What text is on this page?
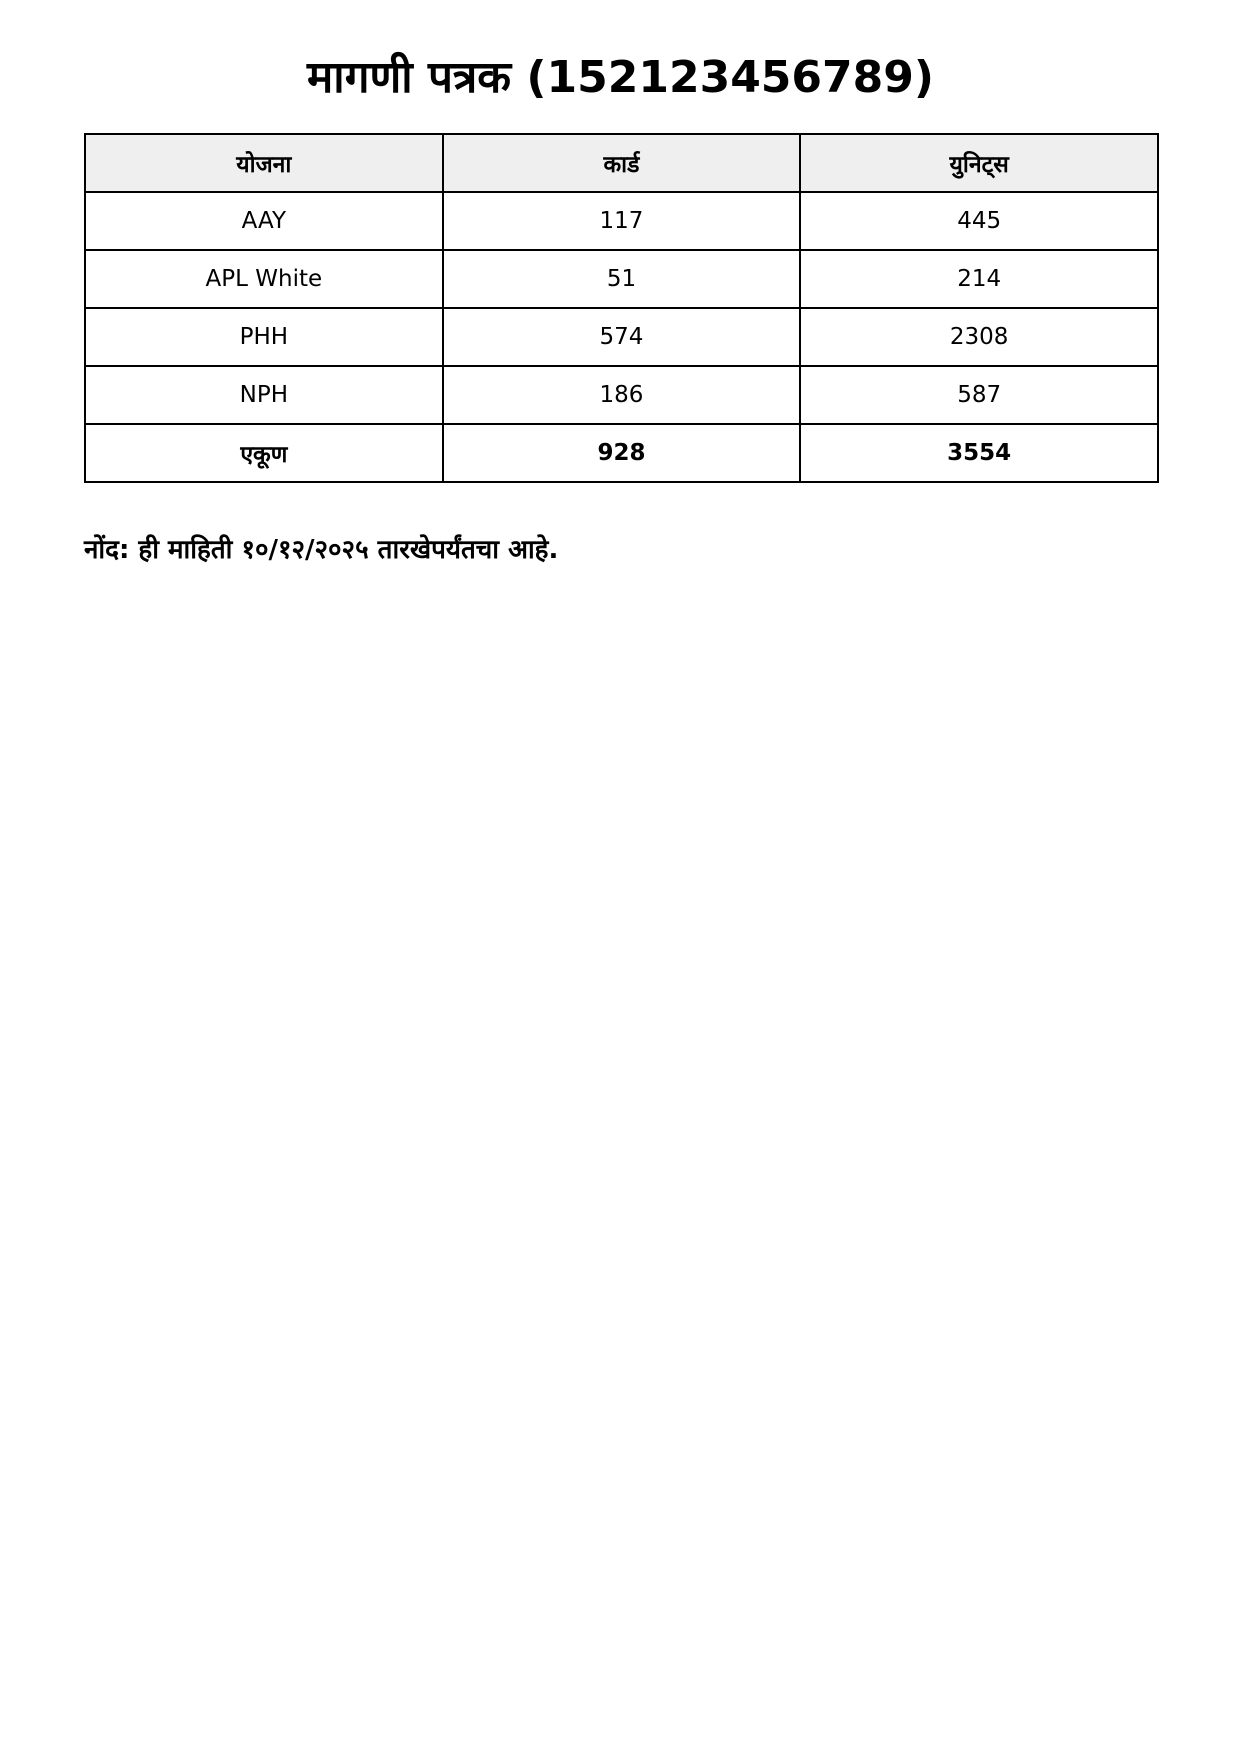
मागणी पत्रक (152123456789)
योजना	कार्ड	युनिट्स
AAY	117	445
APL White	51	214
PHH	574	2308
NPH	186	587
एकूण	928	3554

नोंद: ही माहिती १०/१२/२०२५ तारखेपर्यंतचा आहे.
